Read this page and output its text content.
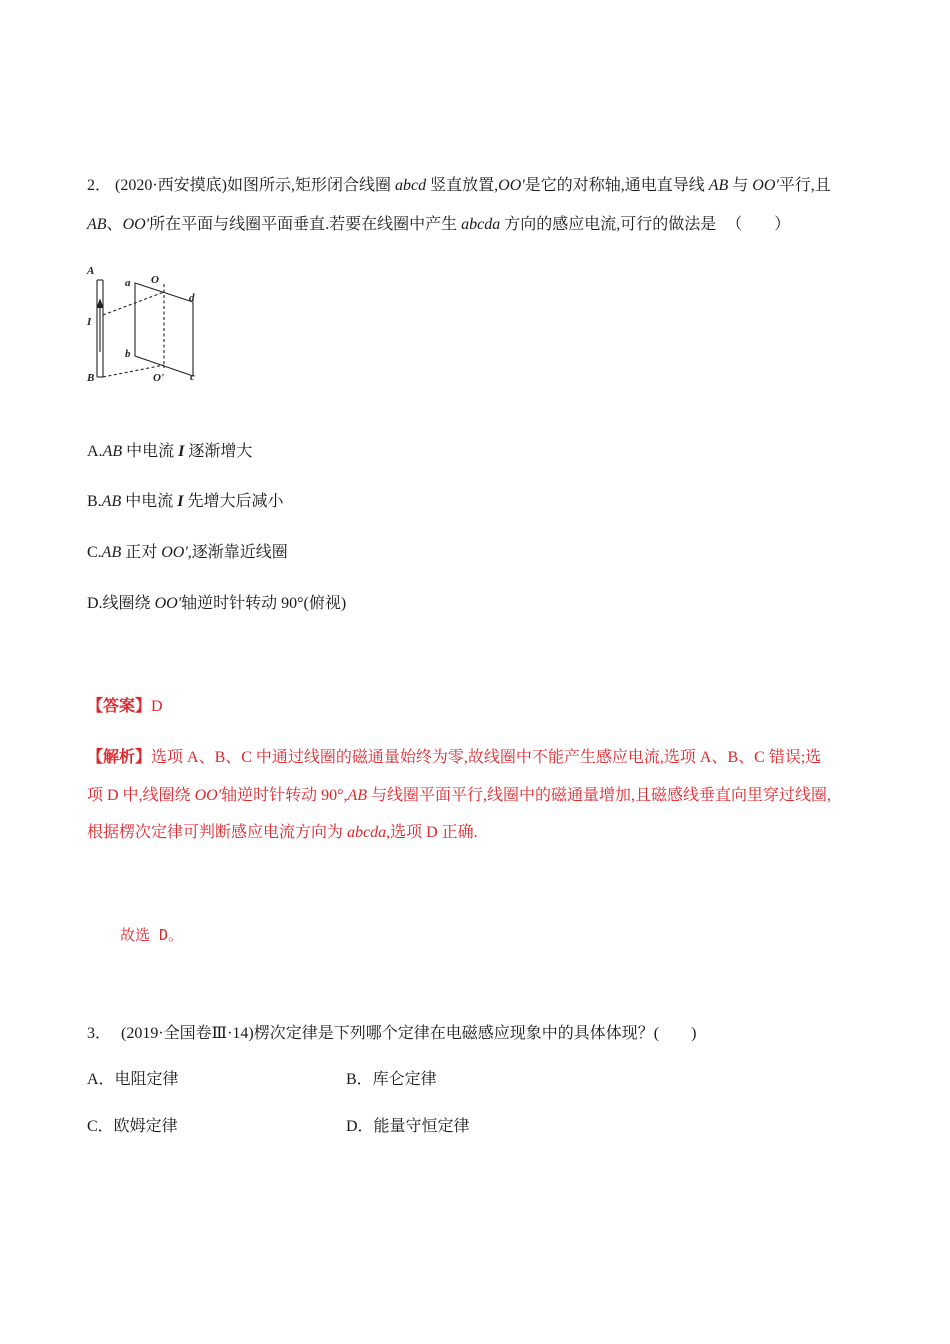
2． (2020·西安摸底)如图所示,矩形闭合线圈 abcd 竖直放置,OO'是它的对称轴,通电直导线 AB 与 OO'平行,且
AB、OO'所在平面与线圈平面垂直.若要在线圈中产生 abcda 方向的感应电流,可行的做法是 （　　）
A
I
B
a O
d
b
O' c
A.AB 中电流 I 逐渐增大
B.AB 中电流 I 先增大后减小
C.AB 正对 OO',逐渐靠近线圈
D.线圈绕 OO'轴逆时针转动 90°(俯视)
【答案】D
【解析】选项 A、B、C 中通过线圈的磁通量始终为零,故线圈中不能产生感应电流,选项 A、B、C 错误;选
项 D 中,线圈绕 OO'轴逆时针转动 90°,AB 与线圈平面平行,线圈中的磁通量增加,且磁感线垂直向里穿过线圈,
根据楞次定律可判断感应电流方向为 abcda,选项 D 正确.
故选 D。
3． (2019·全国卷Ⅲ·14)楞次定律是下列哪个定律在电磁感应现象中的具体体现？(　　)
A．电阻定律	B．库仑定律
C．欧姆定律	D．能量守恒定律
